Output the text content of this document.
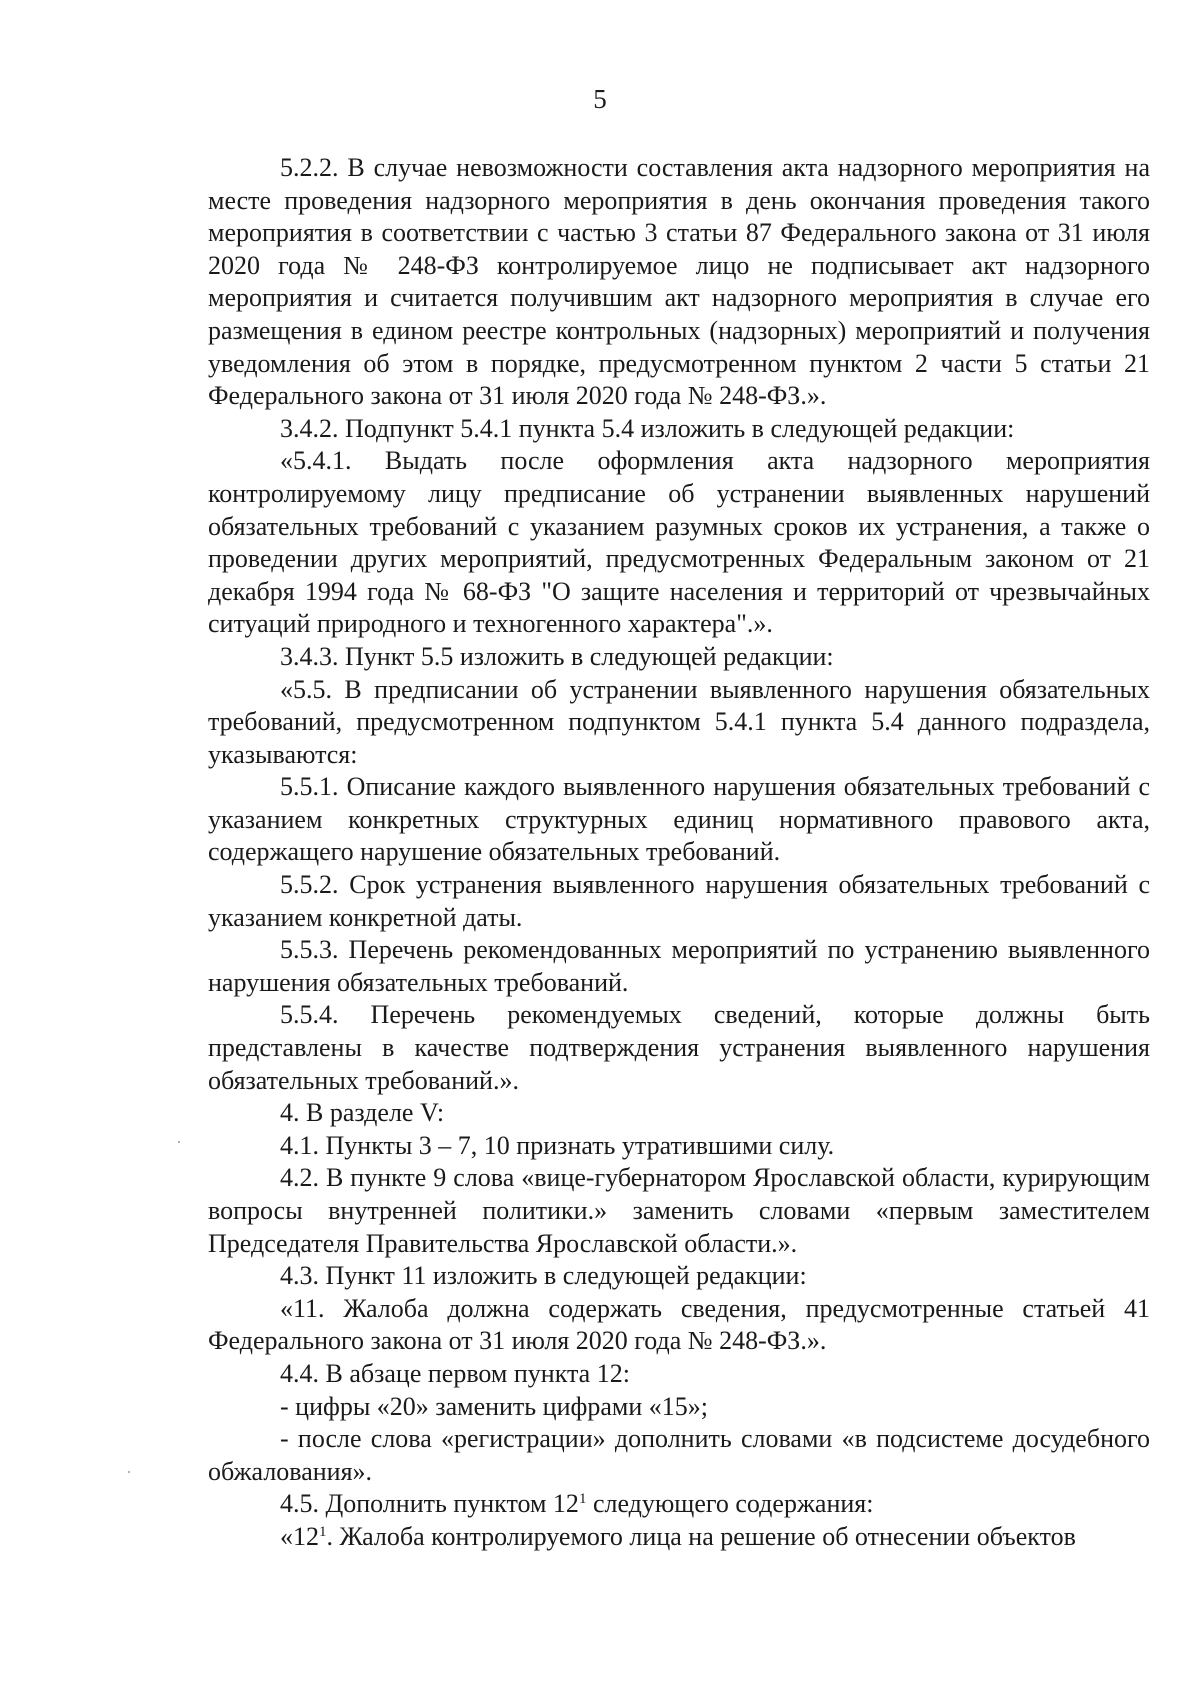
5

5.2.2. В случае невозможности составления акта надзорного мероприятия на месте проведения надзорного мероприятия в день окончания проведения такого мероприятия в соответствии с частью 3 статьи 87 Федерального закона от 31 июля 2020 года № 248-ФЗ контролируемое лицо не подписывает акт надзорного мероприятия и считается получившим акт надзорного мероприятия в случае его размещения в едином реестре контрольных (надзорных) мероприятий и получения уведомления об этом в порядке, предусмотренном пунктом 2 части 5 статьи 21 Федерального закона от 31 июля 2020 года № 248-ФЗ.».

3.4.2. Подпункт 5.4.1 пункта 5.4 изложить в следующей редакции:

«5.4.1. Выдать после оформления акта надзорного мероприятия контролируемому лицу предписание об устранении выявленных нарушений обязательных требований с указанием разумных сроков их устранения, а также о проведении других мероприятий, предусмотренных Федеральным законом от 21 декабря 1994 года № 68-ФЗ "О защите населения и территорий от чрезвычайных ситуаций природного и техногенного характера".».

3.4.3. Пункт 5.5 изложить в следующей редакции:

«5.5. В предписании об устранении выявленного нарушения обязательных требований, предусмотренном подпунктом 5.4.1 пункта 5.4 данного подраздела, указываются:

5.5.1. Описание каждого выявленного нарушения обязательных требований с указанием конкретных структурных единиц нормативного правового акта, содержащего нарушение обязательных требований.

5.5.2. Срок устранения выявленного нарушения обязательных требований с указанием конкретной даты.

5.5.3. Перечень рекомендованных мероприятий по устранению выявленного нарушения обязательных требований.

5.5.4. Перечень рекомендуемых сведений, которые должны быть представлены в качестве подтверждения устранения выявленного нарушения обязательных требований.».

4. В разделе V:

4.1. Пункты 3 – 7, 10 признать утратившими силу.

4.2. В пункте 9 слова «вице-губернатором Ярославской области, курирующим вопросы внутренней политики.» заменить словами «первым заместителем Председателя Правительства Ярославской области.».

4.3. Пункт 11 изложить в следующей редакции:

«11. Жалоба должна содержать сведения, предусмотренные статьей 41 Федерального закона от 31 июля 2020 года № 248-ФЗ.».

4.4. В абзаце первом пункта 12:

- цифры «20» заменить цифрами «15»;

- после слова «регистрации» дополнить словами «в подсистеме досудебного обжалования».

4.5. Дополнить пунктом $12^1$ следующего содержания:

«$12^1$. Жалоба контролируемого лица на решение об отнесении объектов
